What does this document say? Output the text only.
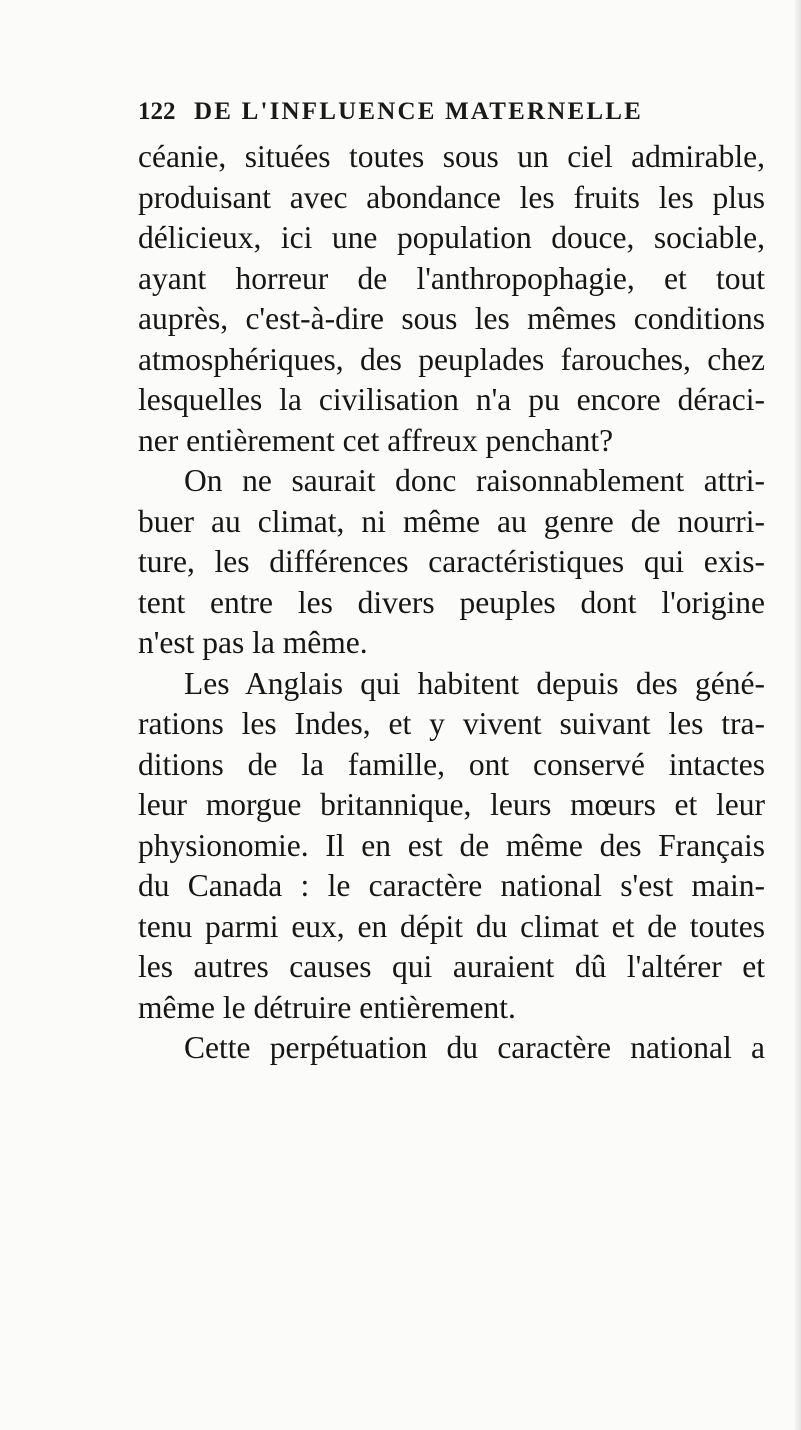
122 DE L'INFLUENCE MATERNELLE
céanie, situées toutes sous un ciel admirable,
produisant avec abondance les fruits les plus
délicieux, ici une population douce, sociable,
ayant horreur de l'anthropophagie, et tout
auprès, c'est-à-dire sous les mêmes conditions
atmosphériques, des peuplades farouches, chez
lesquelles la civilisation n'a pu encore déraci-
ner entièrement cet affreux penchant?
On ne saurait donc raisonnablement attri-
buer au climat, ni même au genre de nourri-
ture, les différences caractéristiques qui exis-
tent entre les divers peuples dont l'origine
n'est pas la même.
Les Anglais qui habitent depuis des géné-
rations les Indes, et y vivent suivant les tra-
ditions de la famille, ont conservé intactes
leur morgue britannique, leurs mœurs et leur
physionomie. Il en est de même des Français
du Canada : le caractère national s'est main-
tenu parmi eux, en dépit du climat et de toutes
les autres causes qui auraient dû l'altérer et
même le détruire entièrement.
Cette perpétuation du caractère national a
